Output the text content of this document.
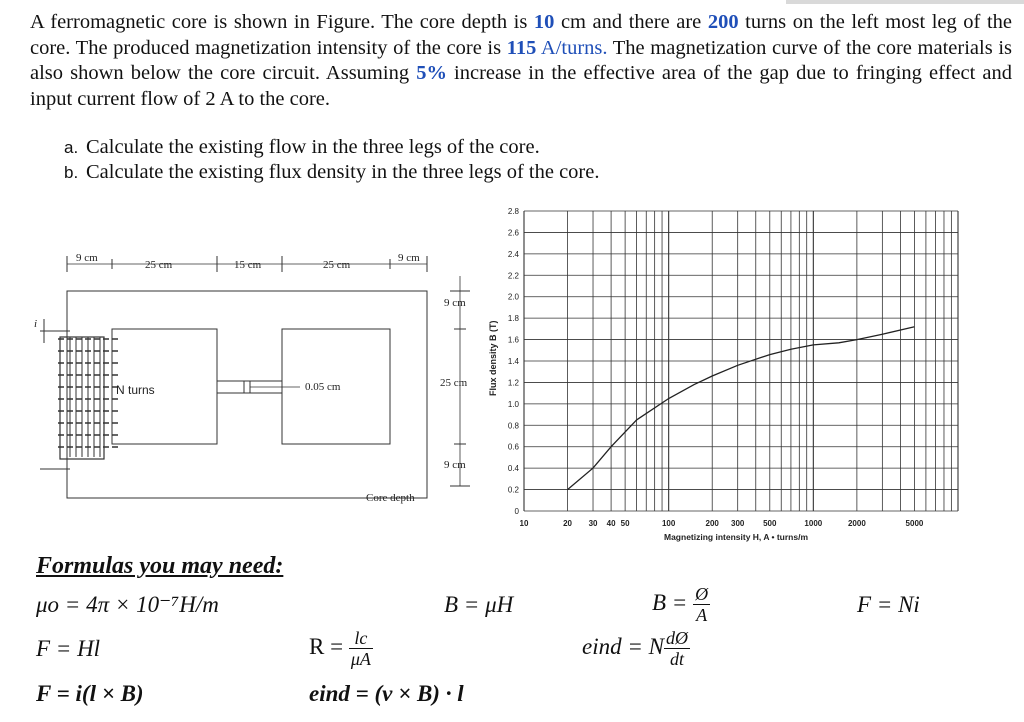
A ferromagnetic core is shown in Figure. The core depth is 10 cm and there are 200 turns on the left most leg of the core. The produced magnetization intensity of the core is 115 A/turns. The magnetization curve of the core materials is also shown below the core circuit. Assuming 5% increase in the effective area of the gap due to fringing effect and input current flow of 2 A to the core.
a. Calculate the existing flow in the three legs of the core.
b. Calculate the existing flux density in the three legs of the core.
9 cm
25 cm	15 cm	25 cm
9 cm
9 cm
25 cm
9 cm
0.05 cm
N turns
i
Core depth
0
0.2
0.4
0.6
0.8
1.0
1.2
1.4
1.6
1.8
2.0
2.2
2.4
2.6
2.8
10	20 30 40 50	100	200 300 500	1000	2000	5000
Flux density B (T)
Magnetizing intensity H, A • turns/m
Formulas you may need:
μo = 4π × 10⁻⁷H/m	B = μH	$B = \frac{Ø}{A}$	F = Ni
F = Hl	$R = \frac{lc}{\mu A}$	eind = N $\frac{dØ}{dt}$
F = i(l × B)	eind = (v × B) · l
